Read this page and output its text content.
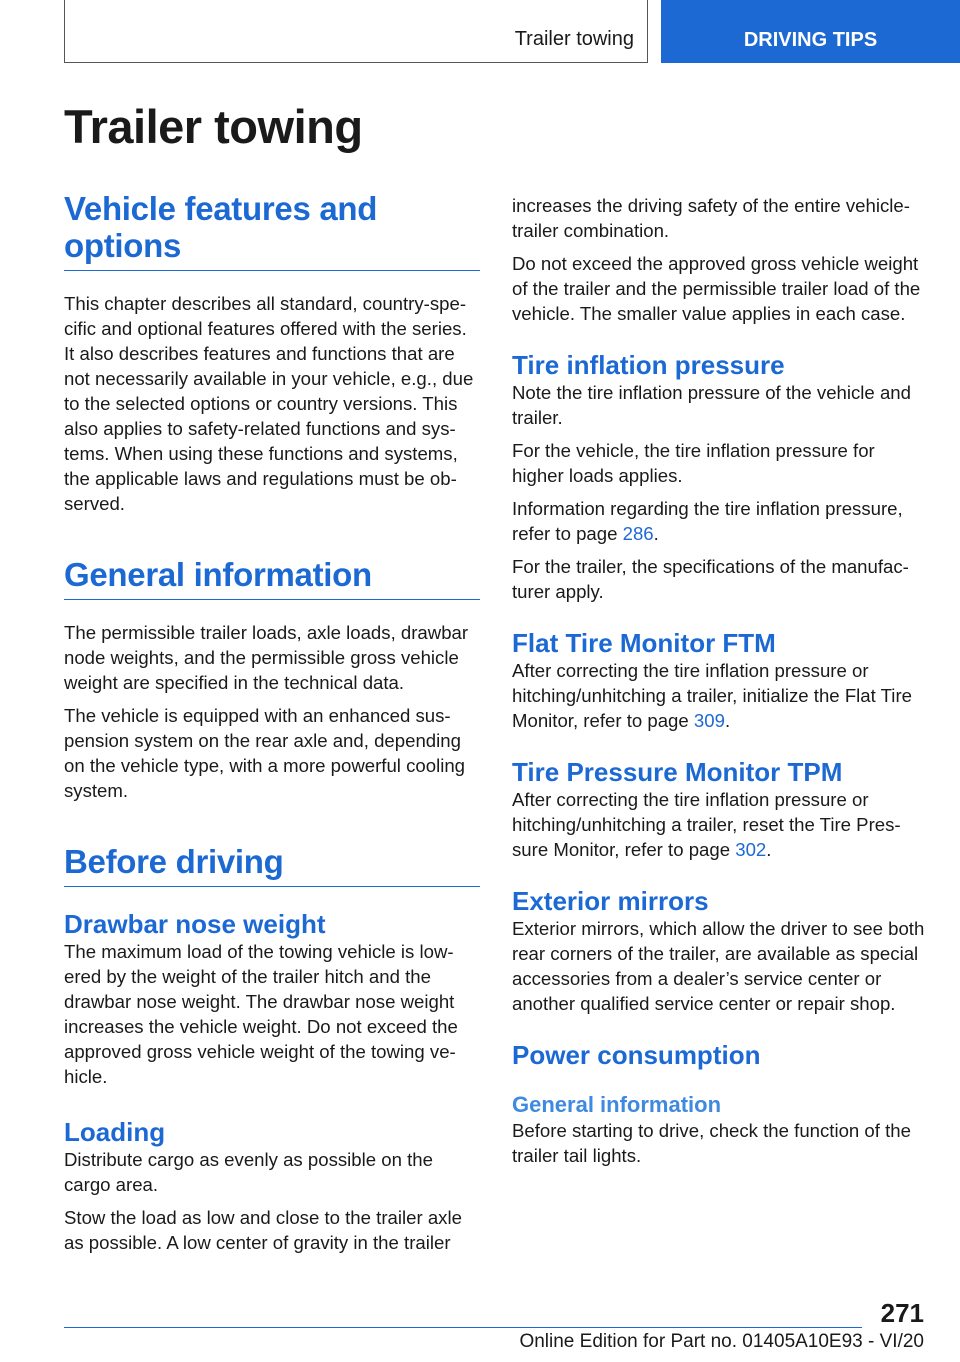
Trailer towing	DRIVING TIPS
Trailer towing
Vehicle features and options

This chapter describes all standard, country-specific and optional features offered with the series. It also describes features and functions that are not necessarily available in your vehicle, e.g., due to the selected options or country versions. This also applies to safety-related functions and systems. When using these functions and systems, the applicable laws and regulations must be observed.

General information

The permissible trailer loads, axle loads, drawbar node weights, and the permissible gross vehicle weight are specified in the technical data.

The vehicle is equipped with an enhanced suspension system on the rear axle and, depending on the vehicle type, with a more powerful cooling system.

Before driving
Drawbar nose weight

The maximum load of the towing vehicle is lowered by the weight of the trailer hitch and the drawbar nose weight. The drawbar nose weight increases the vehicle weight. Do not exceed the approved gross vehicle weight of the towing vehicle.

Loading

Distribute cargo as evenly as possible on the cargo area.

Stow the load as low and close to the trailer axle as possible. A low center of gravity in the trailer

increases the driving safety of the entire vehicle-trailer combination.

Do not exceed the approved gross vehicle weight of the trailer and the permissible trailer load of the vehicle. The smaller value applies in each case.

Tire inflation pressure

Note the tire inflation pressure of the vehicle and trailer.

For the vehicle, the tire inflation pressure for higher loads applies.

Information regarding the tire inflation pressure, refer to page 286.

For the trailer, the specifications of the manufacturer apply.

Flat Tire Monitor FTM

After correcting the tire inflation pressure or hitching/unhitching a trailer, initialize the Flat Tire Monitor, refer to page 309.

Tire Pressure Monitor TPM

After correcting the tire inflation pressure or hitching/unhitching a trailer, reset the Tire Pressure Monitor, refer to page 302.

Exterior mirrors

Exterior mirrors, which allow the driver to see both rear corners of the trailer, are available as special accessories from a dealer’s service center or another qualified service center or repair shop.

Power consumption
General information

Before starting to drive, check the function of the trailer tail lights.

271
Online Edition for Part no. 01405A10E93 - VI/20
